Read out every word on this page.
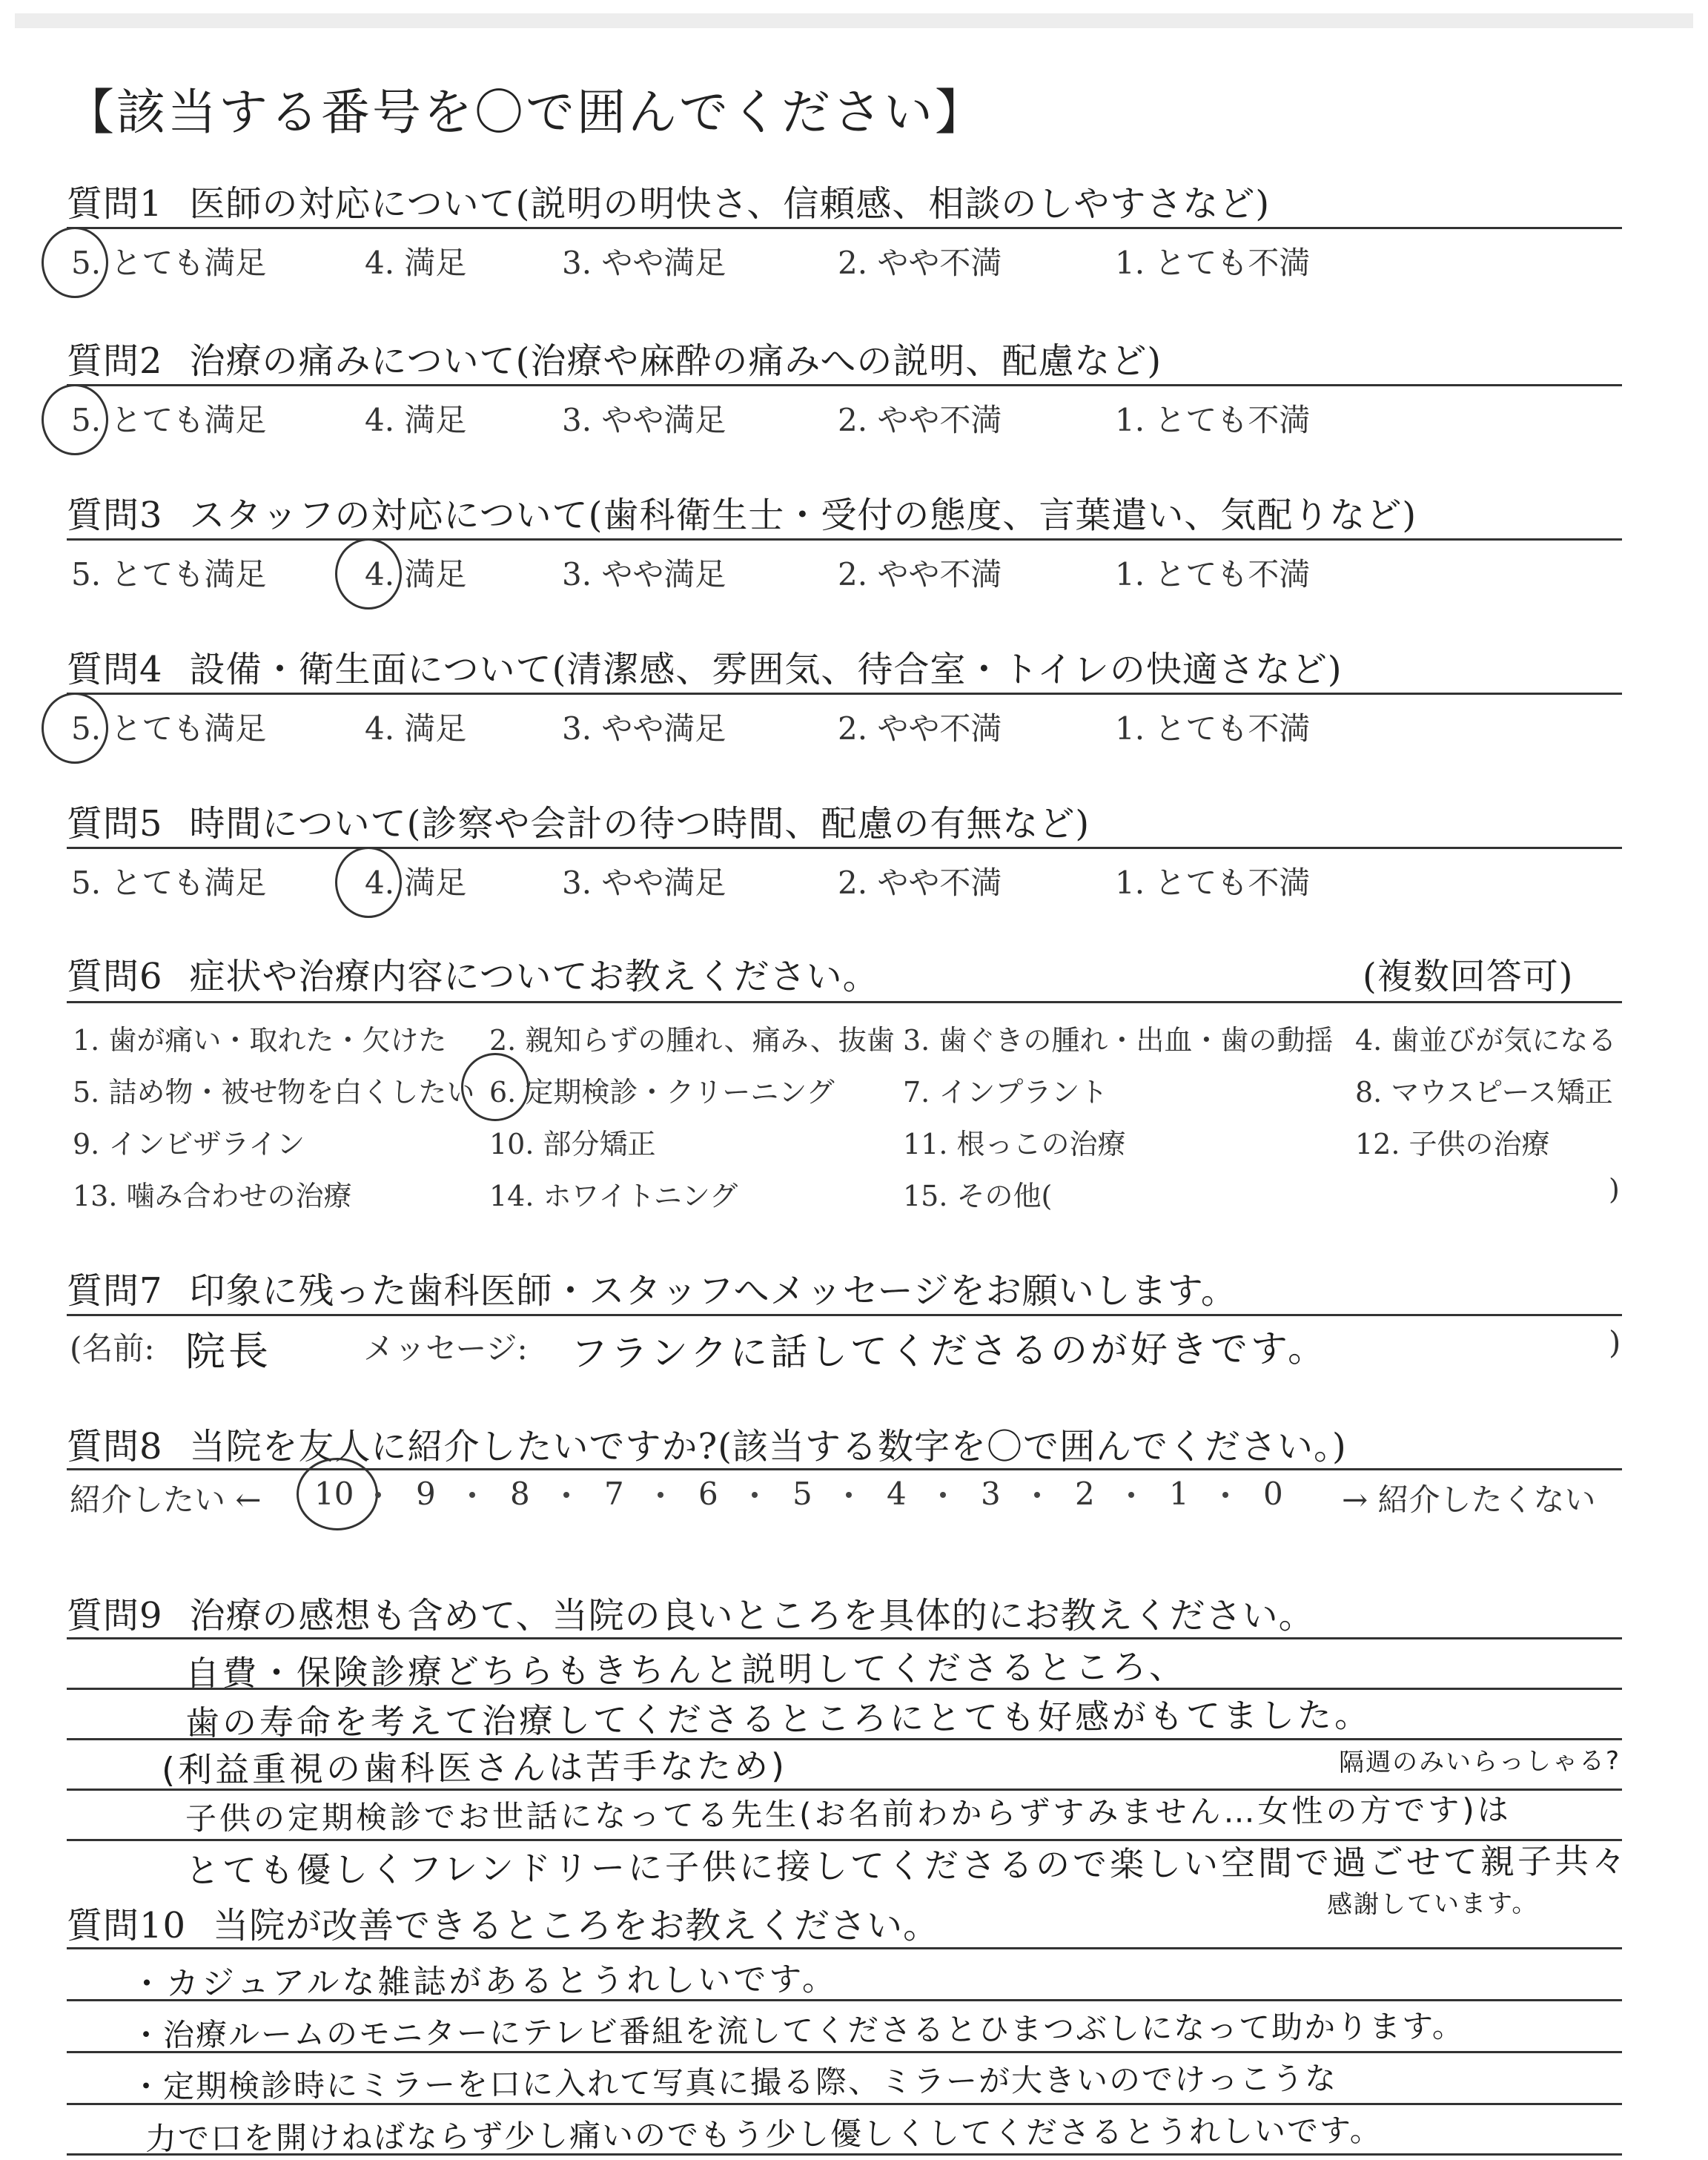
【該当する番号を〇で囲んでください】
質問1 医師の対応について(説明の明快さ、信頼感、相談のしやすさなど)
5. とても満足	4. 満足	3. やや満足	2. やや不満	1. とても不満
質問2 治療の痛みについて(治療や麻酔の痛みへの説明、配慮など)
5. とても満足	4. 満足	3. やや満足	2. やや不満	1. とても不満
質問3 スタッフの対応について(歯科衛生士・受付の態度、言葉遣い、気配りなど)
5. とても満足	4. 満足	3. やや満足	2. やや不満	1. とても不満
質問4 設備・衛生面について(清潔感、雰囲気、待合室・トイレの快適さなど)
5. とても満足	4. 満足	3. やや満足	2. やや不満	1. とても不満
質問5 時間について(診察や会計の待つ時間、配慮の有無など)
5. とても満足	4. 満足	3. やや満足	2. やや不満	1. とても不満
質問6 症状や治療内容についてお教えください。	(複数回答可)
1. 歯が痛い・取れた・欠けた 2. 親知らずの腫れ、痛み、抜歯 3. 歯ぐきの腫れ・出血・歯の動揺 4. 歯並びが気になる
5. 詰め物・被せ物を白くしたい 6. 定期検診・クリーニング 7. インプラント	8. マウスピース矯正
9. インビザライン	10. 部分矯正	11. 根っこの治療	12. 子供の治療
13. 噛み合わせの治療	14. ホワイトニング	15. その他(	)
質問7 印象に残った歯科医師・スタッフへメッセージをお願いします。
(名前: 院長	メッセージ: フランクに話してくださるのが好きです。	)
質問8 当院を友人に紹介したいですか?(該当する数字を〇で囲んでください。)
紹介したい ← 10 9 8 7 6 5 4 3 2 1 0 → 紹介したくない
質問9 治療の感想も含めて、当院の良いところを具体的にお教えください。
自費・保険診療どちらもきちんと説明してくださるところ、
歯の寿命を考えて治療してくださるところにとても好感がもてました。
(利益重視の歯科医さんは苦手なため)
子供の定期検診でお世話になってる先生(お名前わからずすみません…女性の方です)は
とても優しくフレンドリーに子供に接してくださるので楽しい空間で過ごせて親子共々
隔週のみいらっしゃる?
感謝しています。
質問10 当院が改善できるところをお教えください。
・カジュアルな雑誌があるとうれしいです。
・治療ルームのモニターにテレビ番組を流してくださるとひまつぶしになって助かります。
・定期検診時にミラーを口に入れて写真に撮る際、ミラーが大きいのでけっこうな
力で口を開けねばならず少し痛いのでもう少し優しくしてくださるとうれしいです。
